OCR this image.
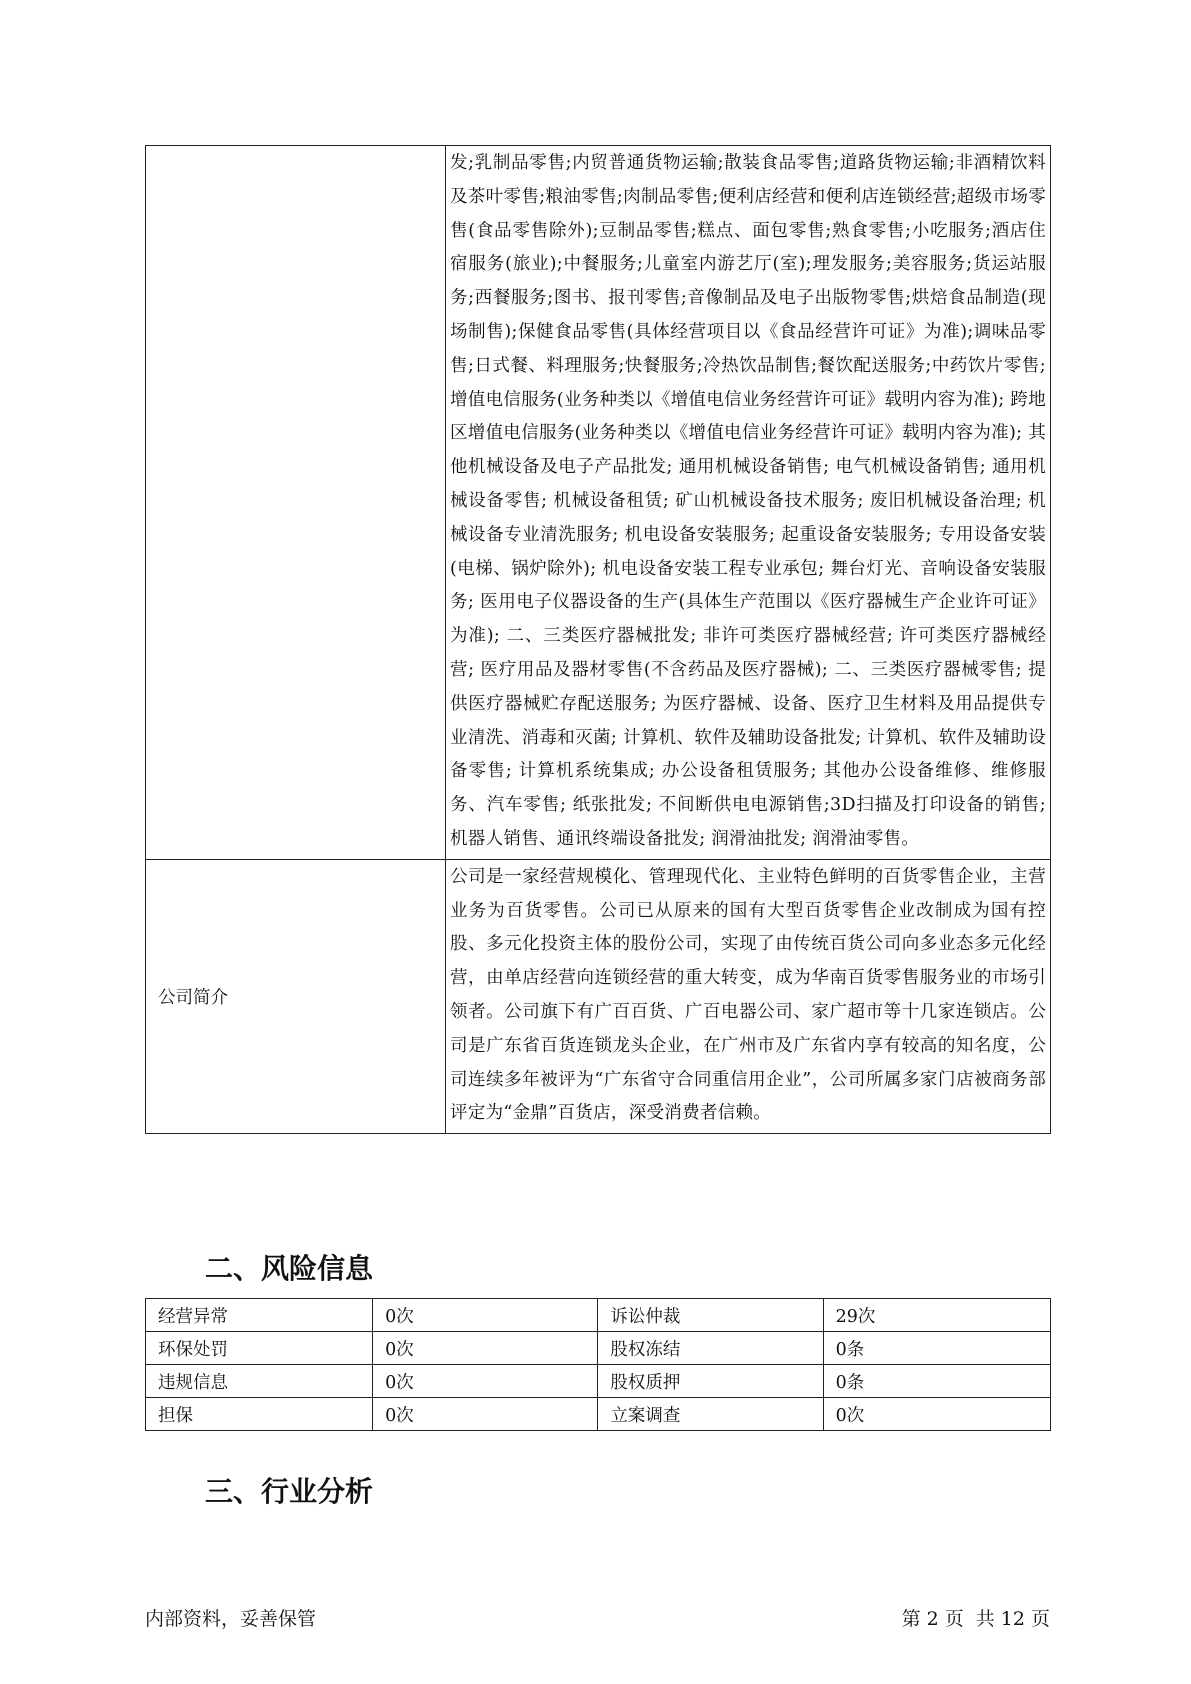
	发;乳制品零售;内贸普通货物运输;散装食品零售;道路货物运输;非酒精饮料及茶叶零售;粮油零售;肉制品零售;便利店经营和便利店连锁经营;超级市场零售(食品零售除外);豆制品零售;糕点、面包零售;熟食零售;小吃服务;酒店住宿服务(旅业);中餐服务;儿童室内游艺厅(室);理发服务;美容服务;货运站服务;西餐服务;图书、报刊零售;音像制品及电子出版物零售;烘焙食品制造(现场制售);保健食品零售(具体经营项目以《食品经营许可证》为准);调味品零售;日式餐、料理服务;快餐服务;冷热饮品制售;餐饮配送服务;中药饮片零售; 增值电信服务(业务种类以《增值电信业务经营许可证》载明内容为准); 跨地区增值电信服务(业务种类以《增值电信业务经营许可证》载明内容为准); 其他机械设备及电子产品批发; 通用机械设备销售; 电气机械设备销售; 通用机械设备零售; 机械设备租赁; 矿山机械设备技术服务; 废旧机械设备治理; 机械设备专业清洗服务; 机电设备安装服务; 起重设备安装服务; 专用设备安装(电梯、锅炉除外); 机电设备安装工程专业承包; 舞台灯光、音响设备安装服务; 医用电子仪器设备的生产(具体生产范围以《医疗器械生产企业许可证》为准); 二、三类医疗器械批发; 非许可类医疗器械经营; 许可类医疗器械经营; 医疗用品及器材零售(不含药品及医疗器械); 二、三类医疗器械零售; 提供医疗器械贮存配送服务; 为医疗器械、设备、医疗卫生材料及用品提供专业清洗、消毒和灭菌; 计算机、软件及辅助设备批发; 计算机、软件及辅助设备零售; 计算机系统集成; 办公设备租赁服务; 其他办公设备维修、维修服务、汽车零售; 纸张批发; 不间断供电电源销售;3D扫描及打印设备的销售; 机器人销售、通讯终端设备批发; 润滑油批发; 润滑油零售。

公司简介	公司是一家经营规模化、管理现代化、主业特色鲜明的百货零售企业，主营业务为百货零售。公司已从原来的国有大型百货零售企业改制成为国有控股、多元化投资主体的股份公司，实现了由传统百货公司向多业态多元化经营，由单店经营向连锁经营的重大转变，成为华南百货零售服务业的市场引领者。公司旗下有广百百货、广百电器公司、家广超市等十几家连锁店。公司是广东省百货连锁龙头企业，在广州市及广东省内享有较高的知名度，公司连续多年被评为“广东省守合同重信用企业”，公司所属多家门店被商务部评定为“金鼎”百货店，深受消费者信赖。
二、风险信息
经营异常	0次	诉讼仲裁	29次
环保处罚	0次	股权冻结	0条
违规信息	0次	股权质押	0条
担保	0次	立案调查	0次
三、行业分析
内部资料，妥善保管	第 2 页 共 12 页
